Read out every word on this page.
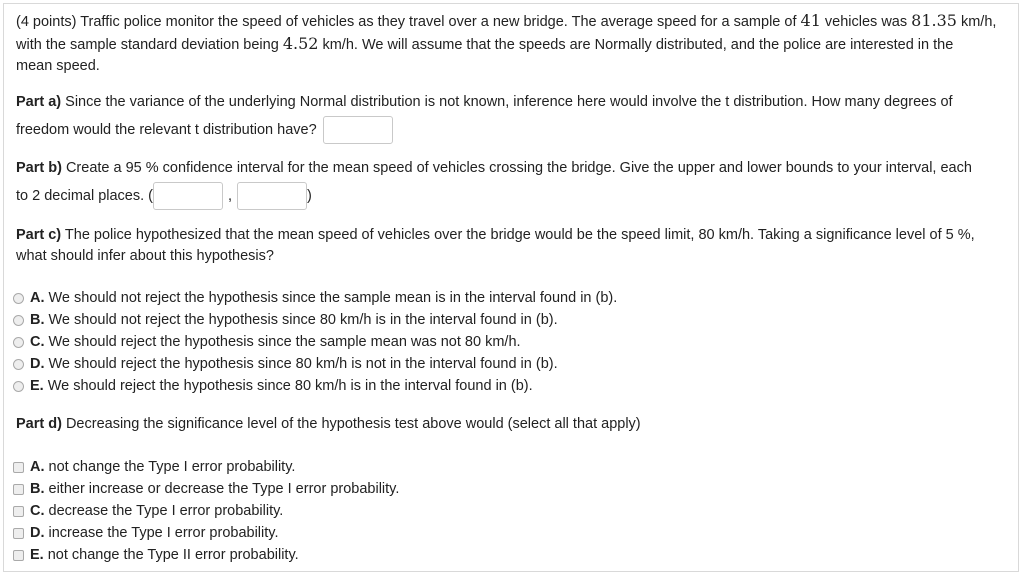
(4 points) Traffic police monitor the speed of vehicles as they travel over a new bridge. The average speed for a sample of 41 vehicles was 81.35 km/h,
with the sample standard deviation being 4.52 km/h. We will assume that the speeds are Normally distributed, and the police are interested in the
mean speed.
Part a) Since the variance of the underlying Normal distribution is not known, inference here would involve the t distribution. How many degrees of
freedom would the relevant t distribution have?
Part b) Create a 95 % confidence interval for the mean speed of vehicles crossing the bridge. Give the upper and lower bounds to your interval, each
to 2 decimal places. (	,	)
Part c) The police hypothesized that the mean speed of vehicles over the bridge would be the speed limit, 80 km/h. Taking a significance level of 5 %,
what should infer about this hypothesis?
A. We should not reject the hypothesis since the sample mean is in the interval found in (b).
B. We should not reject the hypothesis since 80 km/h is in the interval found in (b).
C. We should reject the hypothesis since the sample mean was not 80 km/h.
D. We should reject the hypothesis since 80 km/h is not in the interval found in (b).
E. We should reject the hypothesis since 80 km/h is in the interval found in (b).
Part d) Decreasing the significance level of the hypothesis test above would (select all that apply)
A. not change the Type I error probability.
B. either increase or decrease the Type I error probability.
C. decrease the Type I error probability.
D. increase the Type I error probability.
E. not change the Type II error probability.
